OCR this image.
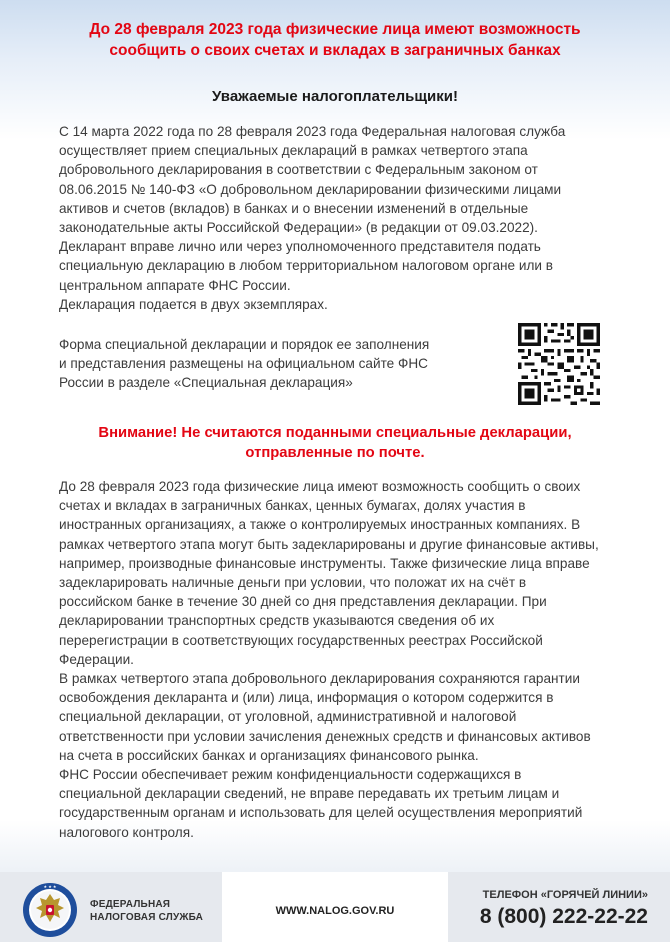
До 28 февраля 2023 года физические лица имеют возможность
сообщить о своих счетах и вкладах в заграничных банках
Уважаемые налогоплательщики!
С 14 марта 2022 года по 28 февраля 2023 года Федеральная налоговая служба
осуществляет прием специальных деклараций в рамках четвертого этапа
добровольного декларирования в соответствии с Федеральным законом от
08.06.2015 № 140-ФЗ «О добровольном декларировании физическими лицами
активов и счетов (вкладов) в банках и о внесении изменений в отдельные
законодательные акты Российской Федерации» (в редакции от 09.03.2022).
Декларант вправе лично или через уполномоченного представителя подать
специальную декларацию в любом территориальном налоговом органе или в
центральном аппарате ФНС России.
Декларация подается в двух экземплярах.
Форма специальной декларации и порядок ее заполнения
и представления размещены на официальном сайте ФНС
России в разделе «Специальная декларация»
Внимание! Не считаются поданными специальные декларации,
отправленные по почте.
До 28 февраля 2023 года физические лица имеют возможность сообщить о своих
счетах и вкладах в заграничных банках, ценных бумагах, долях участия в
иностранных организациях, а также о контролируемых иностранных компаниях. В
рамках четвертого этапа могут быть задекларированы и другие финансовые активы,
например, производные финансовые инструменты. Также физические лица вправе
задекларировать наличные деньги при условии, что положат их на счёт в
российском банке в течение 30 дней со дня представления декларации. При
декларировании транспортных средств указываются сведения об их
перерегистрации в соответствующих государственных реестрах Российской
Федерации.
В рамках четвертого этапа добровольного декларирования сохраняются гарантии
освобождения декларанта и (или) лица, информация о котором содержится в
специальной декларации, от уголовной, административной и налоговой
ответственности при условии зачисления денежных средств и финансовых активов
на счета в российских банках и организациях финансового рынка.
ФНС России обеспечивает режим конфиденциальности содержащихся в
специальной декларации сведений, не вправе передавать их третьим лицам и
государственным органам и использовать для целей осуществления мероприятий
налогового контроля.
★ ★ ★
ФЕДЕРАЛЬНАЯ
НАЛОГОВАЯ СЛУЖБА
WWW.NALOG.GOV.RU
ТЕЛЕФОН «ГОРЯЧЕЙ ЛИНИИ»
8 (800) 222-22-22
